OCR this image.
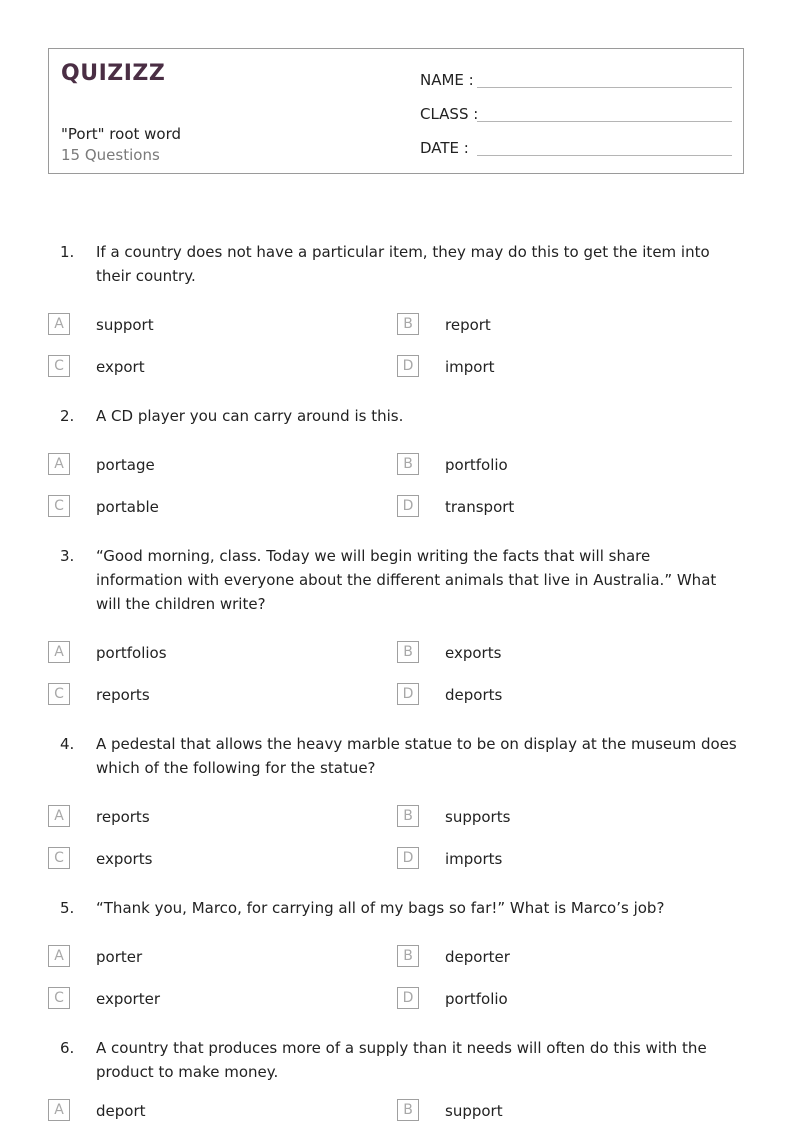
QUIZIZZ
"Port" root word
15 Questions
NAME :
CLASS :
DATE :
1. If a country does not have a particular item, they may do this to get the item into their country.
A	support	B	report
C	export	D	import
2. A CD player you can carry around is this.
A	portage	B	portfolio
C	portable	D	transport
3. “Good morning, class. Today we will begin writing the facts that will share information with everyone about the different animals that live in Australia.” What will the children write?
A	portfolios	B	exports
C	reports	D	deports
4. A pedestal that allows the heavy marble statue to be on display at the museum does which of the following for the statue?
A	reports	B	supports
C	exports	D	imports
5. “Thank you, Marco, for carrying all of my bags so far!” What is Marco’s job?
A	porter	B	deporter
C	exporter	D	portfolio
6. A country that produces more of a supply than it needs will often do this with the product to make money.
A	deport	B	support
